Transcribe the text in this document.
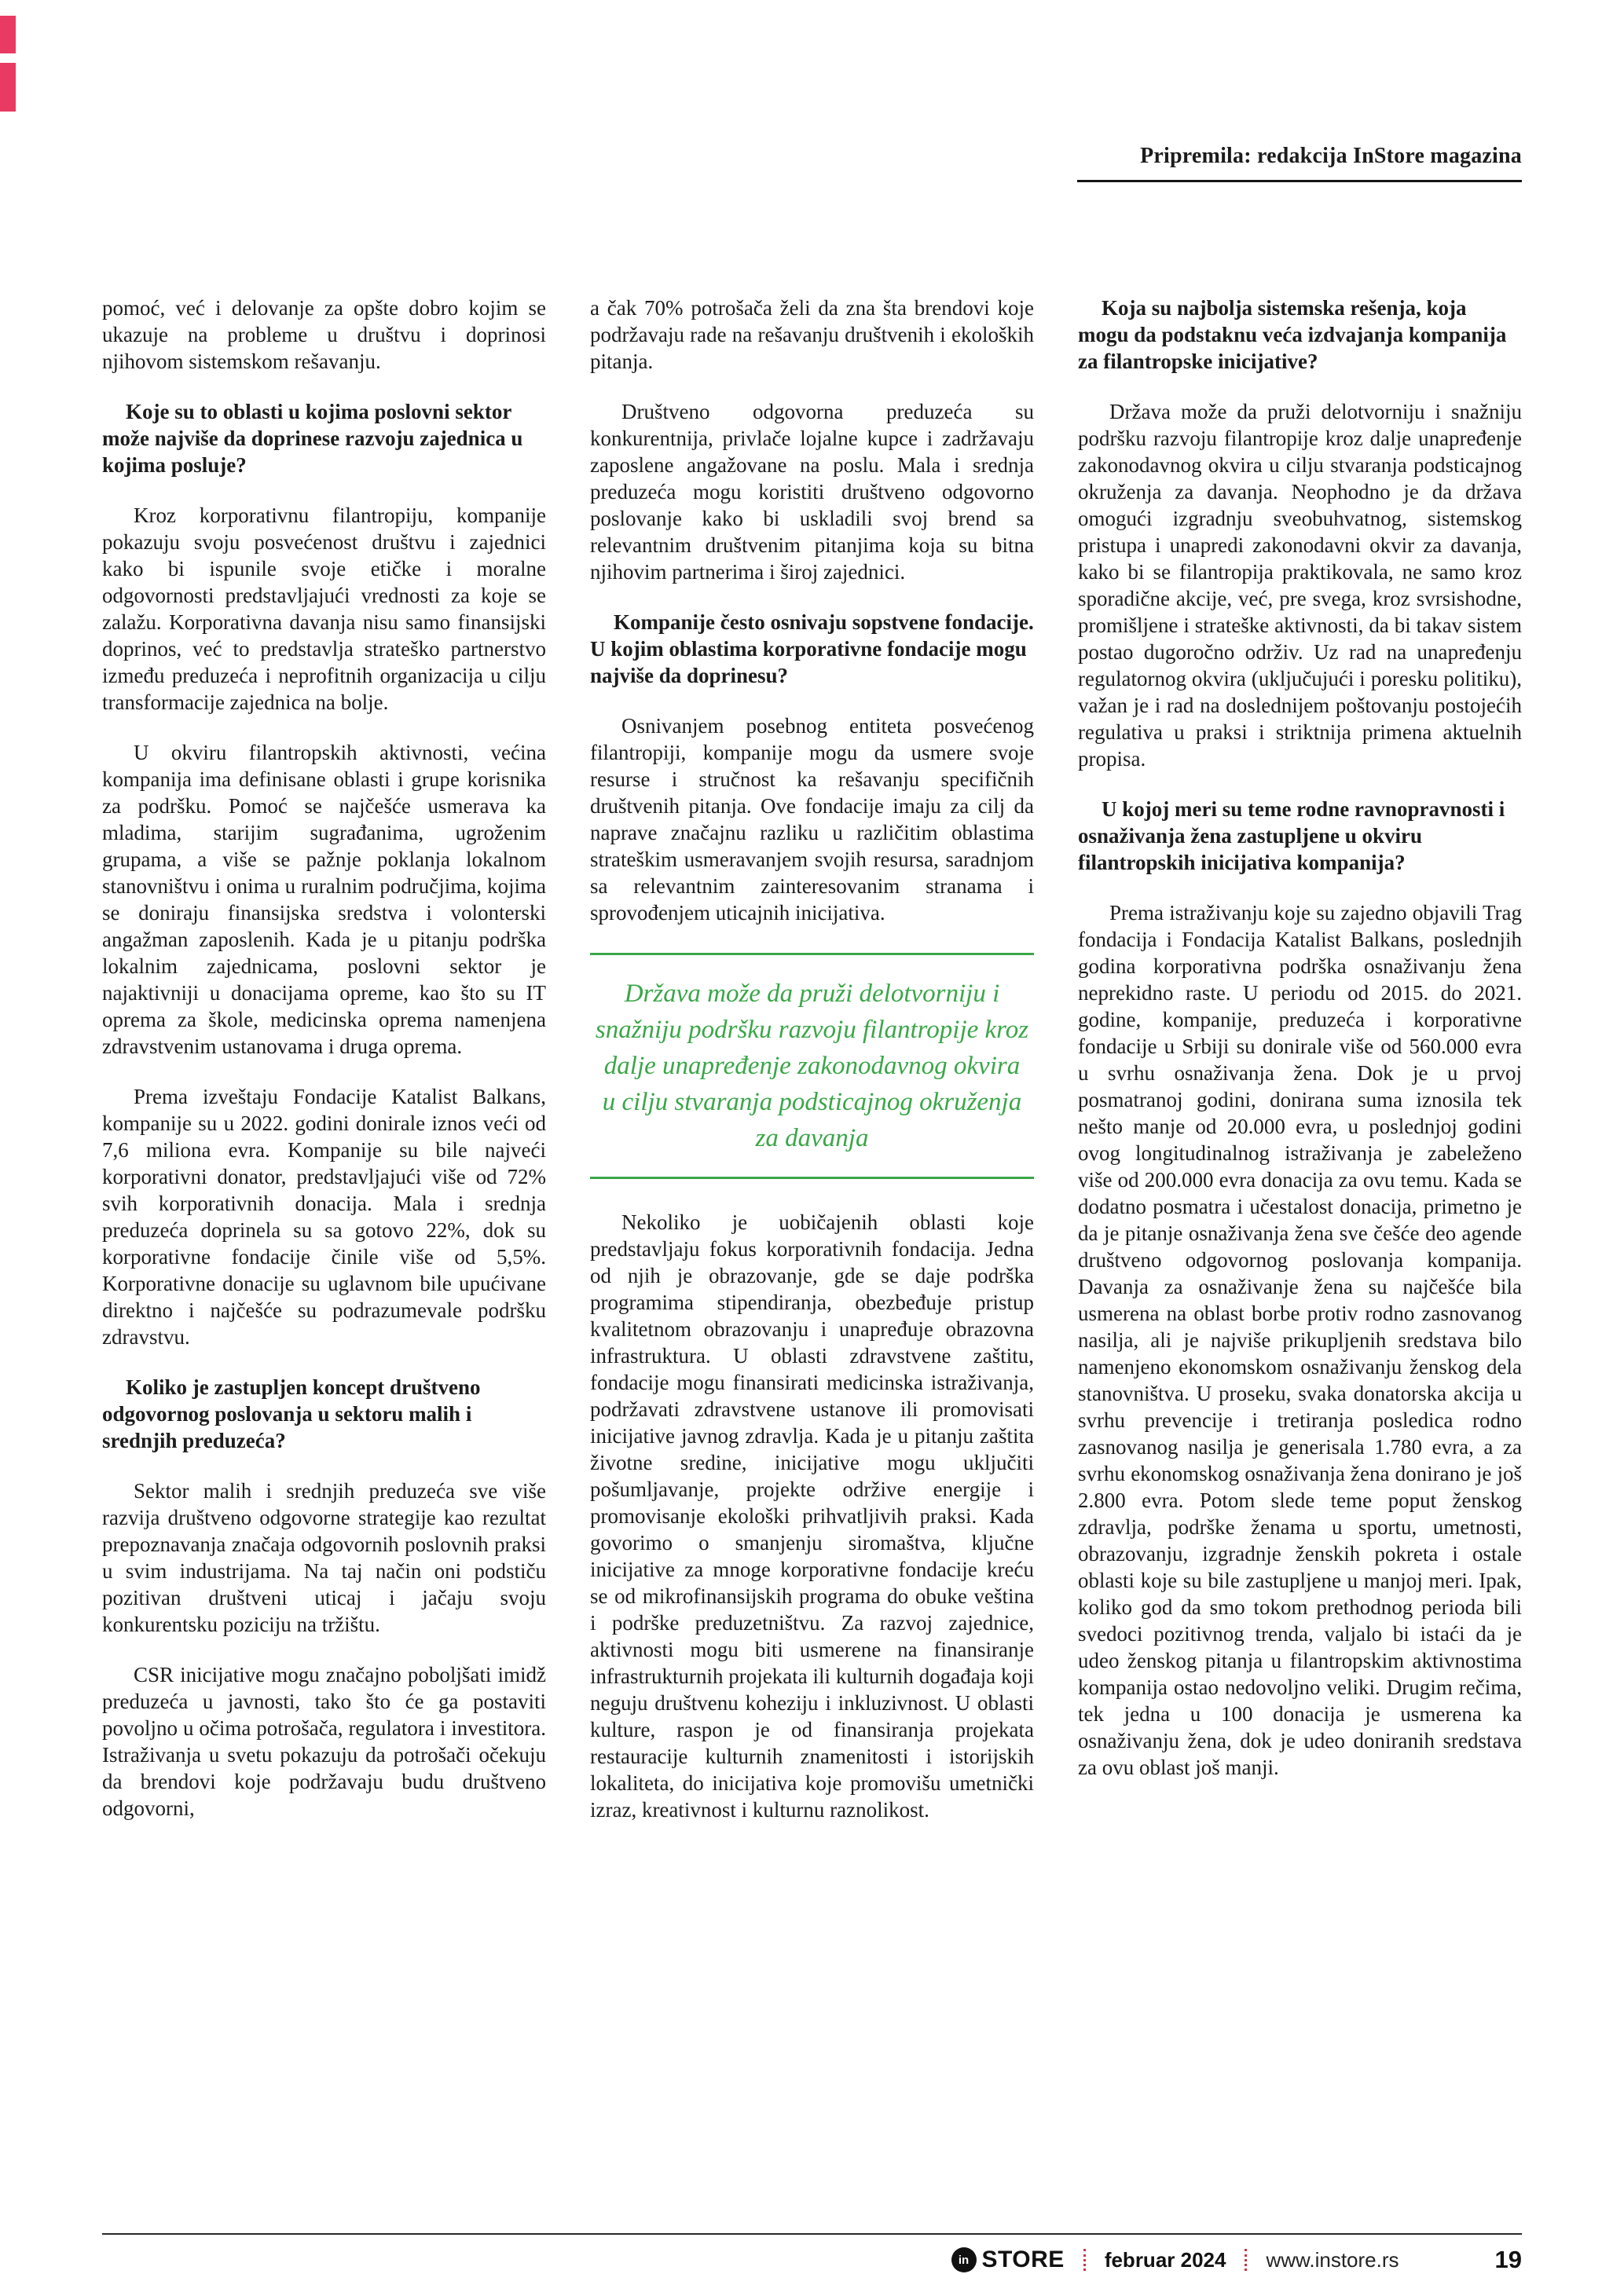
Pripremila: redakcija InStore magazina

pomoć, već i delovanje za opšte dobro kojim se ukazuje na probleme u društvu i doprinosi njihovom sistemskom rešavanju.

Koje su to oblasti u kojima poslovni sektor može najviše da doprinese razvoju zajednica u kojima posluje?

Kroz korporativnu filantropiju, kompanije pokazuju svoju posvećenost društvu i zajednici kako bi ispunile svoje etičke i moralne odgovornosti predstavljajući vrednosti za koje se zalažu. Korporativna davanja nisu samo finansijski doprinos, već to predstavlja strateško partnerstvo između preduzeća i neprofitnih organizacija u cilju transformacije zajednica na bolje.

U okviru filantropskih aktivnosti, većina kompanija ima definisane oblasti i grupe korisnika za podršku. Pomoć se najčešće usmerava ka mladima, starijim sugrađanima, ugroženim grupama, a više se pažnje poklanja lokalnom stanovništvu i onima u ruralnim područjima, kojima se doniraju finansijska sredstva i volonterski angažman zaposlenih. Kada je u pitanju podrška lokalnim zajednicama, poslovni sektor je najaktivniji u donacijama opreme, kao što su IT oprema za škole, medicinska oprema namenjena zdravstvenim ustanovama i druga oprema.

Prema izveštaju Fondacije Katalist Balkans, kompanije su u 2022. godini donirale iznos veći od 7,6 miliona evra. Kompanije su bile najveći korporativni donator, predstavljajući više od 72% svih korporativnih donacija. Mala i srednja preduzeća doprinela su sa gotovo 22%, dok su korporativne fondacije činile više od 5,5%. Korporativne donacije su uglavnom bile upućivane direktno i najčešće su podrazumevale podršku zdravstvu.

Koliko je zastupljen koncept društveno odgovornog poslovanja u sektoru malih i srednjih preduzeća?

Sektor malih i srednjih preduzeća sve više razvija društveno odgovorne strategije kao rezultat prepoznavanja značaja odgovornih poslovnih praksi u svim industrijama. Na taj način oni podstiču pozitivan društveni uticaj i jačaju svoju konkurentsku poziciju na tržištu.

CSR inicijative mogu značajno poboljšati imidž preduzeća u javnosti, tako što će ga postaviti povoljno u očima potrošača, regulatora i investitora. Istraživanja u svetu pokazuju da potrošači očekuju da brendovi koje podržavaju budu društveno odgovorni,

a čak 70% potrošača želi da zna šta brendovi koje podržavaju rade na rešavanju društvenih i ekoloških pitanja.

Društveno odgovorna preduzeća su konkurentnija, privlače lojalne kupce i zadržavaju zaposlene angažovane na poslu. Mala i srednja preduzeća mogu koristiti društveno odgovorno poslovanje kako bi uskladili svoj brend sa relevantnim društvenim pitanjima koja su bitna njihovim partnerima i široj zajednici.

Kompanije često osnivaju sopstvene fondacije. U kojim oblastima korporativne fondacije mogu najviše da doprinesu?

Osnivanjem posebnog entiteta posvećenog filantropiji, kompanije mogu da usmere svoje resurse i stručnost ka rešavanju specifičnih društvenih pitanja. Ove fondacije imaju za cilj da naprave značajnu razliku u različitim oblastima strateškim usmeravanjem svojih resursa, saradnjom sa relevantnim zainteresovanim stranama i sprovođenjem uticajnih inicijativa.

Država može da pruži delotvorniju i snažniju podršku razvoju filantropije kroz dalje unapređenje zakonodavnog okvira u cilju stvaranja podsticajnog okruženja za davanja

Nekoliko je uobičajenih oblasti koje predstavljaju fokus korporativnih fondacija. Jedna od njih je obrazovanje, gde se daje podrška programima stipendiranja, obezbeđuje pristup kvalitetnom obrazovanju i unapređuje obrazovna infrastruktura. U oblasti zdravstvene zaštitu, fondacije mogu finansirati medicinska istraživanja, podržavati zdravstvene ustanove ili promovisati inicijative javnog zdravlja. Kada je u pitanju zaštita životne sredine, inicijative mogu uključiti pošumljavanje, projekte održive energije i promovisanje ekološki prihvatljivih praksi. Kada govorimo o smanjenju siromaštva, ključne inicijative za mnoge korporativne fondacije kreću se od mikrofinansijskih programa do obuke veština i podrške preduzetništvu. Za razvoj zajednice, aktivnosti mogu biti usmerene na finansiranje infrastrukturnih projekata ili kulturnih događaja koji neguju društvenu koheziju i inkluzivnost. U oblasti kulture, raspon je od finansiranja projekata restauracije kulturnih znamenitosti i istorijskih lokaliteta, do inicijativa koje promovišu umetnički izraz, kreativnost i kulturnu raznolikost.

Koja su najbolja sistemska rešenja, koja mogu da podstaknu veća izdvajanja kompanija za filantropske inicijative?

Država može da pruži delotvorniju i snažniju podršku razvoju filantropije kroz dalje unapređenje zakonodavnog okvira u cilju stvaranja podsticajnog okruženja za davanja. Neophodno je da država omogući izgradnju sveobuhvatnog, sistemskog pristupa i unapredi zakonodavni okvir za davanja, kako bi se filantropija praktikovala, ne samo kroz sporadične akcije, već, pre svega, kroz svrsishodne, promišljene i strateške aktivnosti, da bi takav sistem postao dugoročno održiv. Uz rad na unapređenju regulatornog okvira (uključujući i poresku politiku), važan je i rad na doslednijem poštovanju postojećih regulativa u praksi i striktnija primena aktuelnih propisa.

U kojoj meri su teme rodne ravnopravnosti i osnaživanja žena zastupljene u okviru filantropskih inicijativa kompanija?

Prema istraživanju koje su zajedno objavili Trag fondacija i Fondacija Katalist Balkans, poslednjih godina korporativna podrška osnaživanju žena neprekidno raste. U periodu od 2015. do 2021. godine, kompanije, preduzeća i korporativne fondacije u Srbiji su donirale više od 560.000 evra u svrhu osnaživanja žena. Dok je u prvoj posmatranoj godini, donirana suma iznosila tek nešto manje od 20.000 evra, u poslednjoj godini ovog longitudinalnog istraživanja je zabeleženo više od 200.000 evra donacija za ovu temu. Kada se dodatno posmatra i učestalost donacija, primetno je da je pitanje osnaživanja žena sve češće deo agende društveno odgovornog poslovanja kompanija. Davanja za osnaživanje žena su najčešće bila usmerena na oblast borbe protiv rodno zasnovanog nasilja, ali je najviše prikupljenih sredstava bilo namenjeno ekonomskom osnaživanju ženskog dela stanovništva. U proseku, svaka donatorska akcija u svrhu prevencije i tretiranja posledica rodno zasnovanog nasilja je generisala 1.780 evra, a za svrhu ekonomskog osnaživanja žena donirano je još 2.800 evra. Potom slede teme poput ženskog zdravlja, podrške ženama u sportu, umetnosti, obrazovanju, izgradnje ženskih pokreta i ostale oblasti koje su bile zastupljene u manjoj meri. Ipak, koliko god da smo tokom prethodnog perioda bili svedoci pozitivnog trenda, valjalo bi istaći da je udeo ženskog pitanja u filantropskim aktivnostima kompanija ostao nedovoljno veliki. Drugim rečima, tek jedna u 100 donacija je usmerena ka osnaživanju žena, dok je udeo doniranih sredstava za ovu oblast još manji.

in STORE februar 2024 www.instore.rs	19
